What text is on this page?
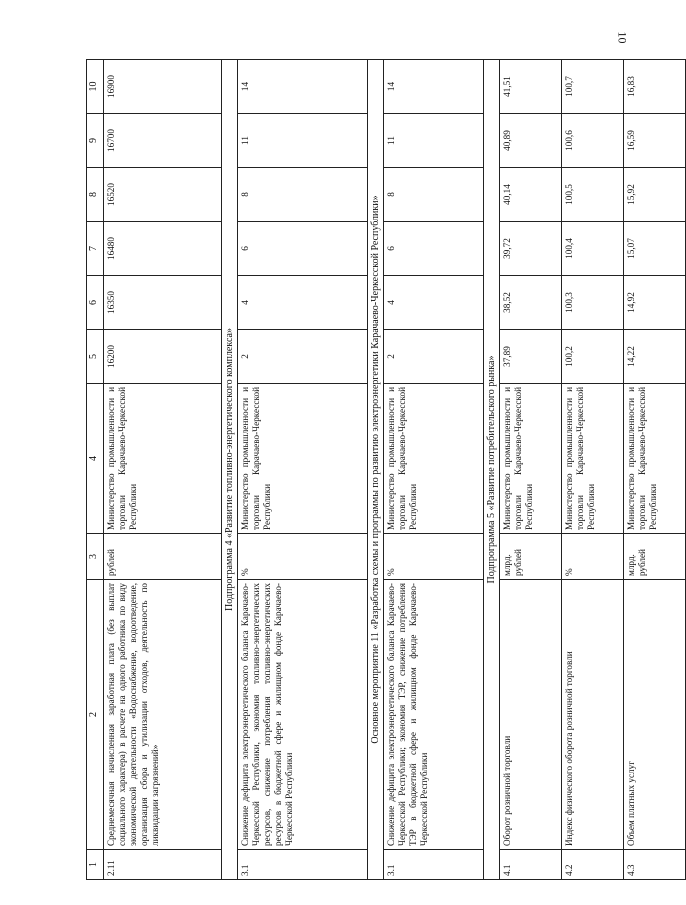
10
1	2	3	4	5	6	7	8	9	10
2.11	Среднемесячная начисленная заработная плата (без выплат социального характера) в расчете на одного работника по виду экономической деятельности «Водоснабжение, водоотведение, организация сбора и утилизации отходов, деятельность по ликвидации загрязнений»	рублей	Министерство промышленности и торговли Карачаево-Черкесской Республики	16200	16350	16480	16520	16700	16900
Подпрограмма 4 «Развитие топливно-энергетического комплекса»									
3.1	Снижение дефицита электроэнергетического баланса Карачаево-Черкесской Республики, экономия топливно-энергетических ресурсов, снижение потребления топливно-энергетических ресурсов в бюджетной сфере и жилищном фонде Карачаево-Черкесской Республики	%	Министерство промышленности и торговли Карачаево-Черкесской Республики	2	4	6	8	11	14
Основное мероприятие 11 «Разработка схемы и программы по развитию электроэнергетики Карачаево-Черкесской Республики»									
3.1	Снижение дефицита электроэнергетического баланса Карачаево-Черкесской Республики; экономия ТЭР, снижение потребления ТЭР в бюджетной сфере и жилищном фонде Карачаево-Черкесской Республики	%	Министерство промышленности и торговли Карачаево-Черкесской Республики	2	4	6	8	11	14
Подпрограмма 5 «Развитие потребительского рынка»									
4.1	Оборот розничной торговли	млрд. рублей	Министерство промышленности и торговли Карачаево-Черкесской Республики	37,89	38,52	39,72	40,14	40,89	41,51
4.2	Индекс физического оборота розничной торговли	%	Министерство промышленности и торговли Карачаево-Черкесской Республики	100,2	100,3	100,4	100,5	100,6	100,7
4.3	Объем платных услуг	млрд. рублей	Министерство промышленности и торговли Карачаево-Черкесской Республики	14,22	14,92	15,07	15,92	16,59	16,83
